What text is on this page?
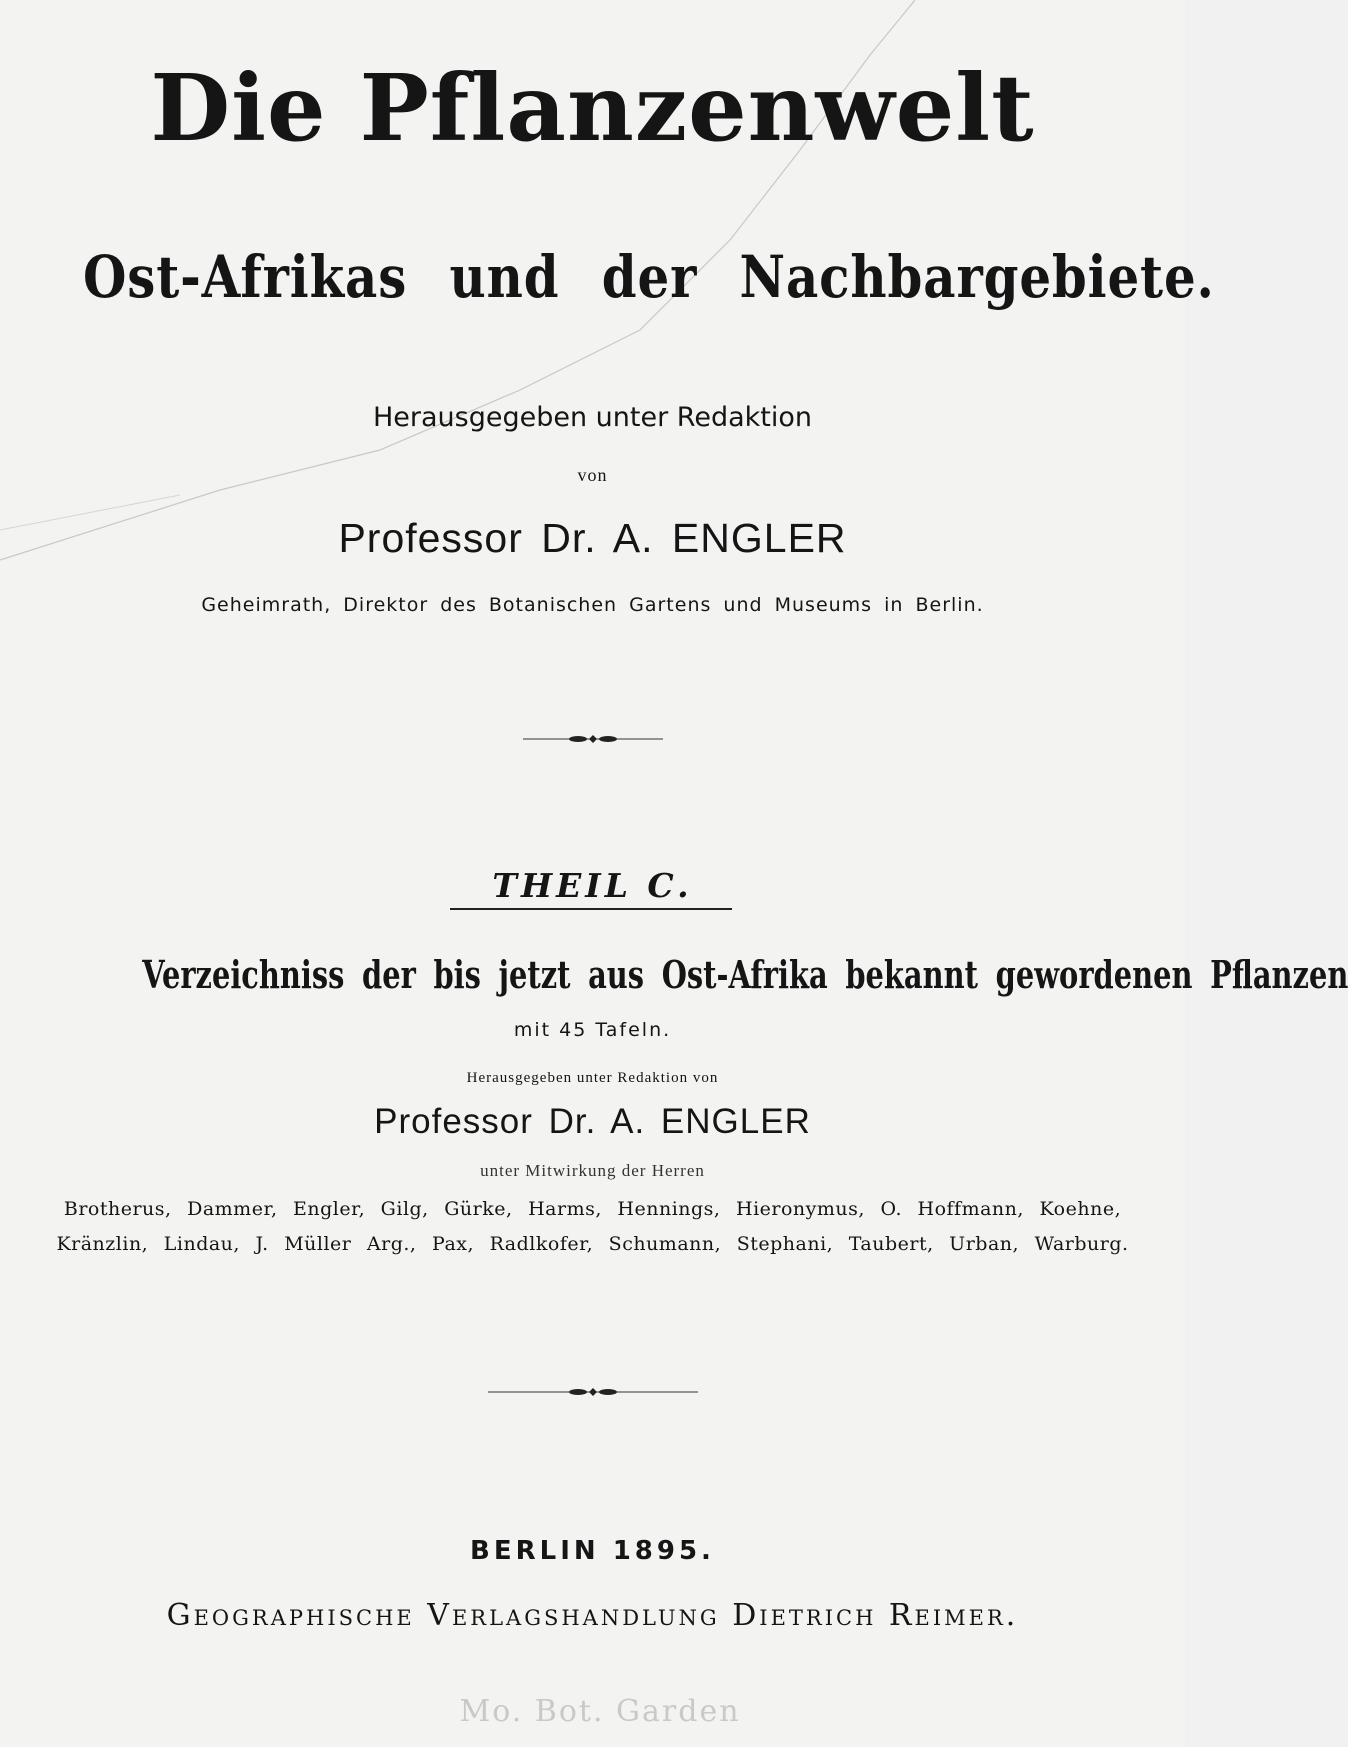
Die Pflanzenwelt
Ost-Afrikas und der Nachbargebiete.
Herausgegeben unter Redaktion
von
Professor Dr. A. ENGLER
Geheimrath, Direktor des Botanischen Gartens und Museums in Berlin.
THEIL C.
Verzeichniss der bis jetzt aus Ost-Afrika bekannt gewordenen Pflanzen
mit 45 Tafeln.
Herausgegeben unter Redaktion von
Professor Dr. A. ENGLER
unter Mitwirkung der Herren
Brotherus, Dammer, Engler, Gilg, Gürke, Harms, Hennings, Hieronymus, O. Hoffmann, Koehne,
Kränzlin, Lindau, J. Müller Arg., Pax, Radlkofer, Schumann, Stephani, Taubert, Urban, Warburg.
BERLIN 1895.
Geographische Verlagshandlung Dietrich Reimer.
Mo. Bot. Garden
